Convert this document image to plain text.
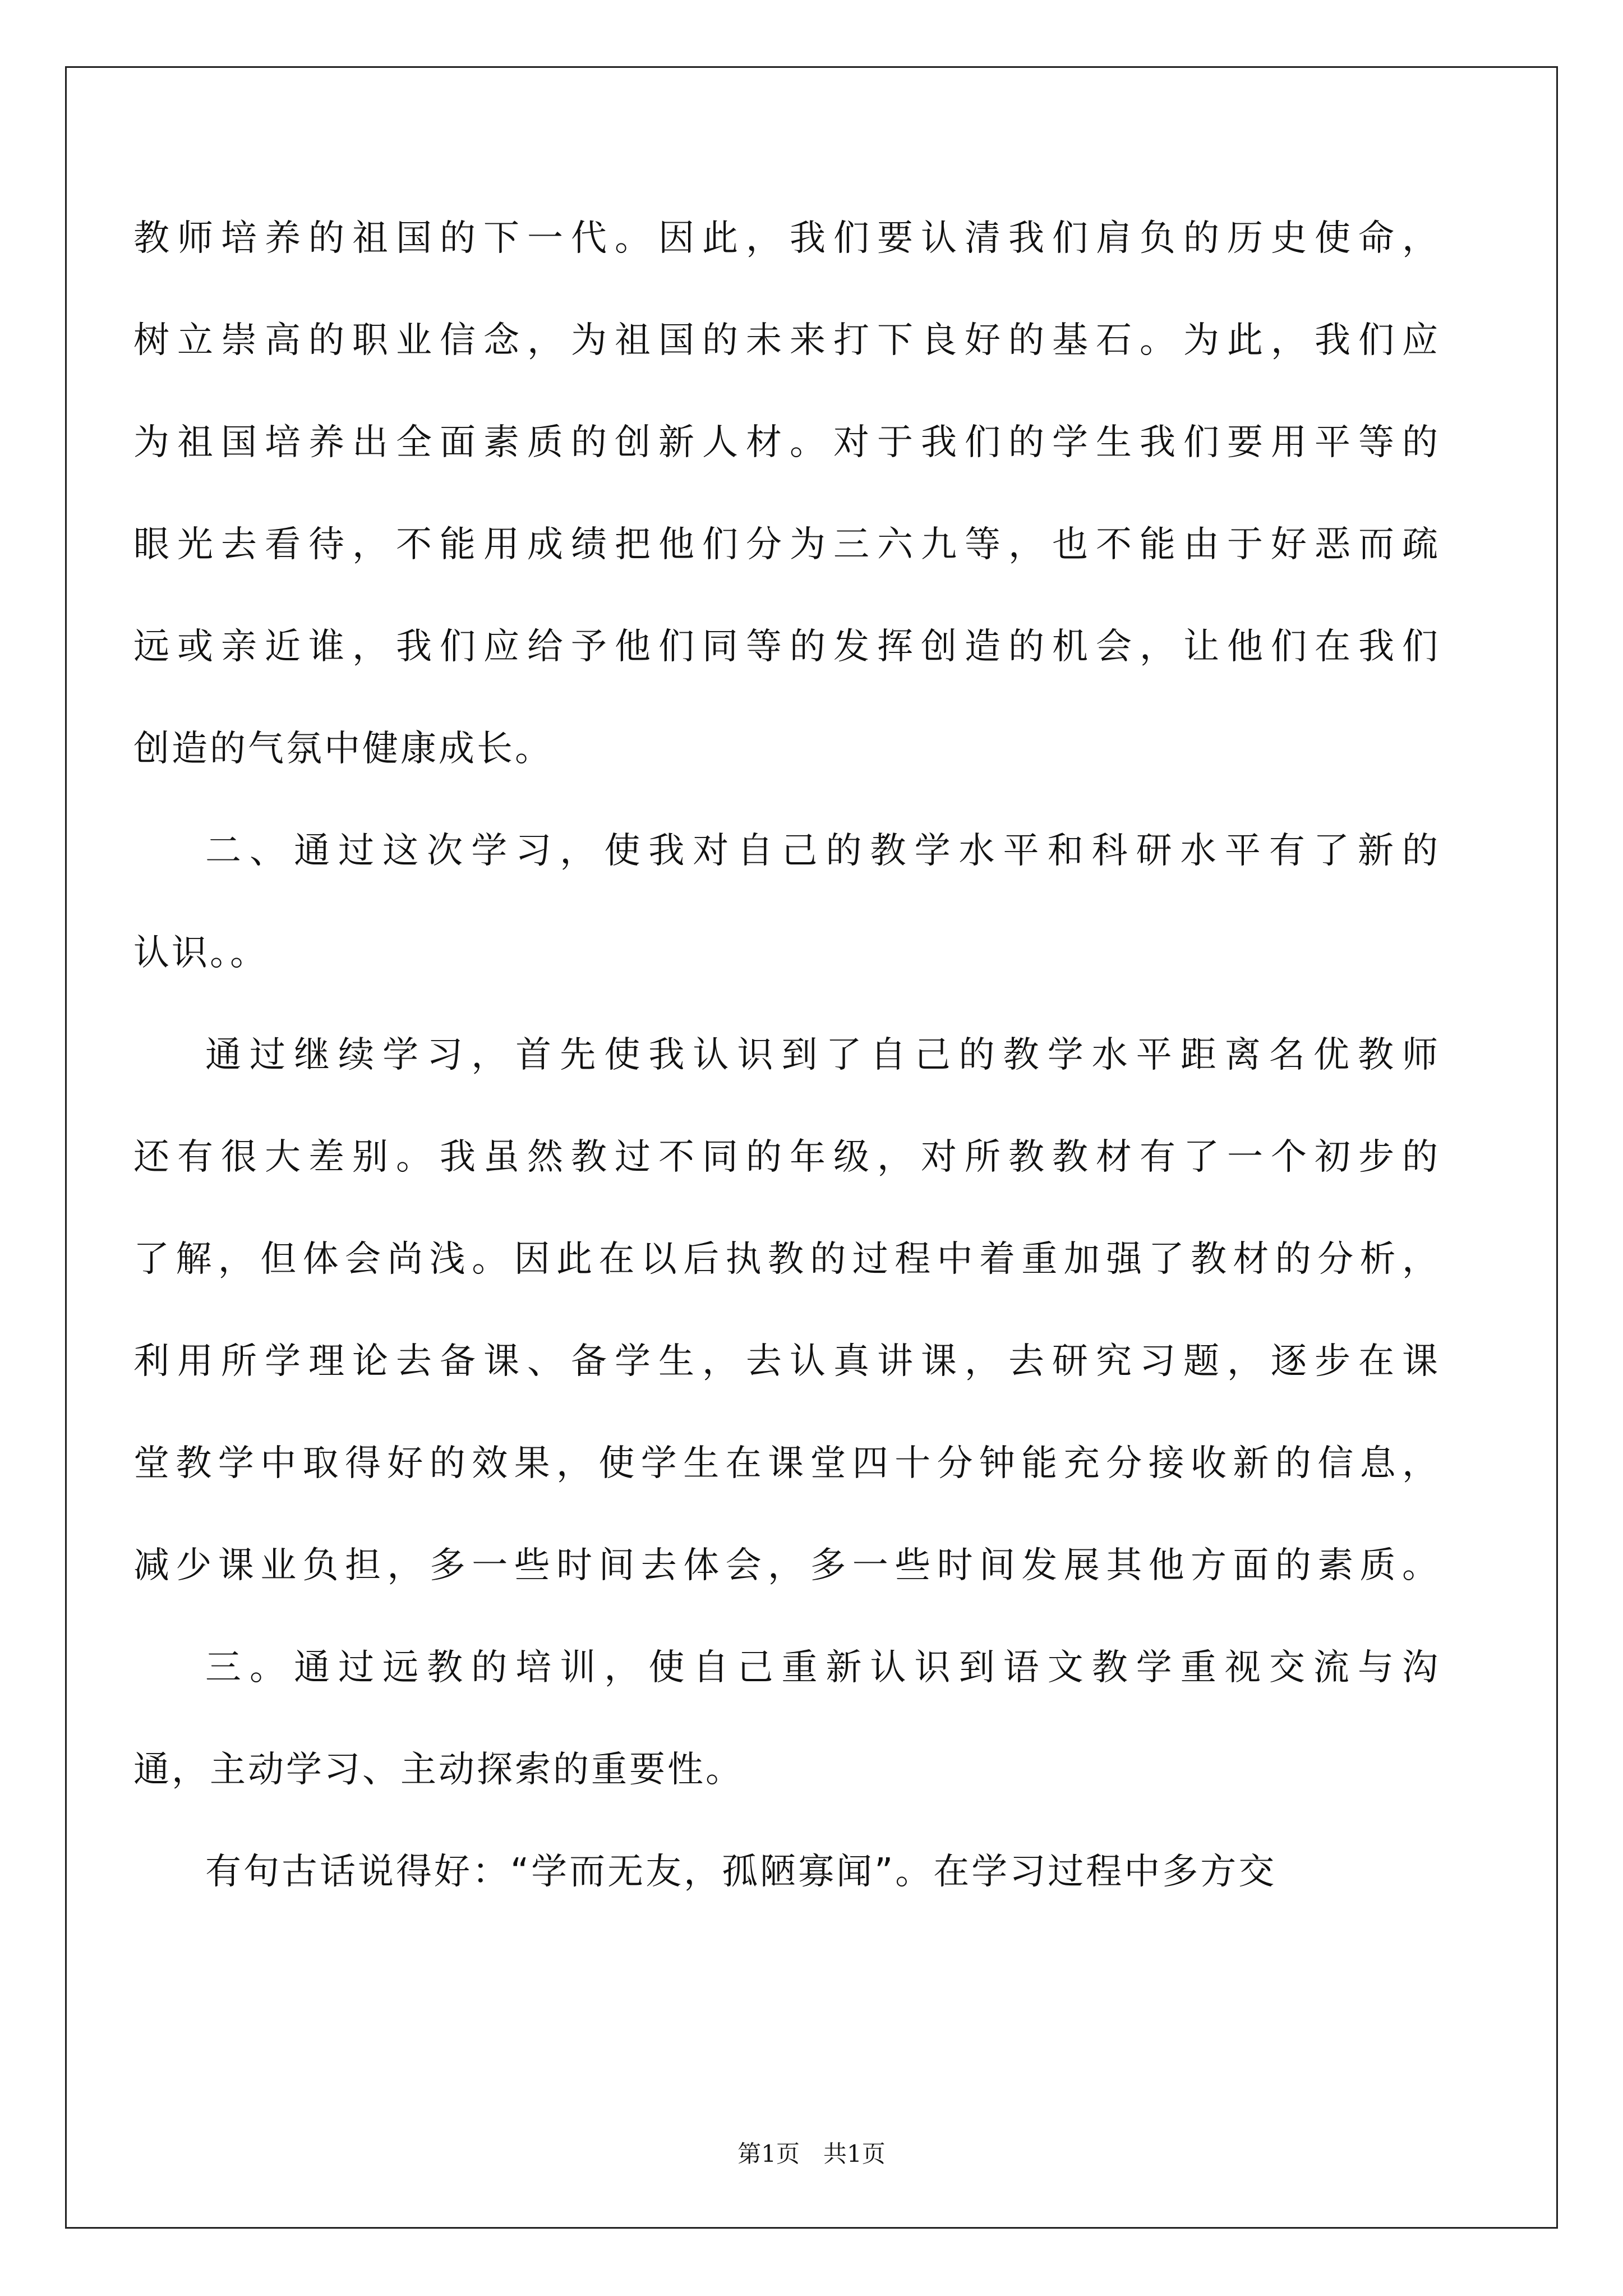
教师培养的祖国的下一代。因此，我们要认清我们肩负的历史使命，
树立崇高的职业信念，为祖国的未来打下良好的基石。为此，我们应
为祖国培养出全面素质的创新人材。对于我们的学生我们要用平等的
眼光去看待，不能用成绩把他们分为三六九等，也不能由于好恶而疏
远或亲近谁，我们应给予他们同等的发挥创造的机会，让他们在我们
创造的气氛中健康成长。
二、通过这次学习，使我对自己的教学水平和科研水平有了新的
认识。。
通过继续学习，首先使我认识到了自己的教学水平距离名优教师
还有很大差别。我虽然教过不同的年级，对所教教材有了一个初步的
了解，但体会尚浅。因此在以后执教的过程中着重加强了教材的分析，
利用所学理论去备课、备学生，去认真讲课，去研究习题，逐步在课
堂教学中取得好的效果，使学生在课堂四十分钟能充分接收新的信息，
减少课业负担，多一些时间去体会，多一些时间发展其他方面的素质。
三。通过远教的培训，使自己重新认识到语文教学重视交流与沟
通，主动学习、主动探索的重要性。
有句古话说得好：“学而无友，孤陋寡闻”。在学习过程中多方交
第1页　共1页
